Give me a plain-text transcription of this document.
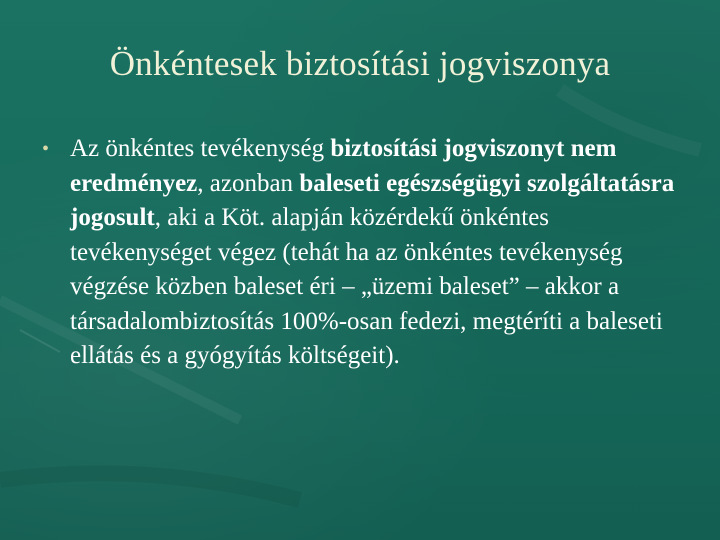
Önkéntesek biztosítási jogviszonya
• Az önkéntes tevékenység biztosítási jogviszonyt nem eredményez, azonban baleseti egészségügyi szolgáltatásra jogosult, aki a Köt. alapján közérdekű önkéntes tevékenységet végez (tehát ha az önkéntes tevékenység végzése közben baleset éri – „üzemi baleset” – akkor a társadalombiztosítás 100%-osan fedezi, megtéríti a baleseti ellátás és a gyógyítás költségeit).
